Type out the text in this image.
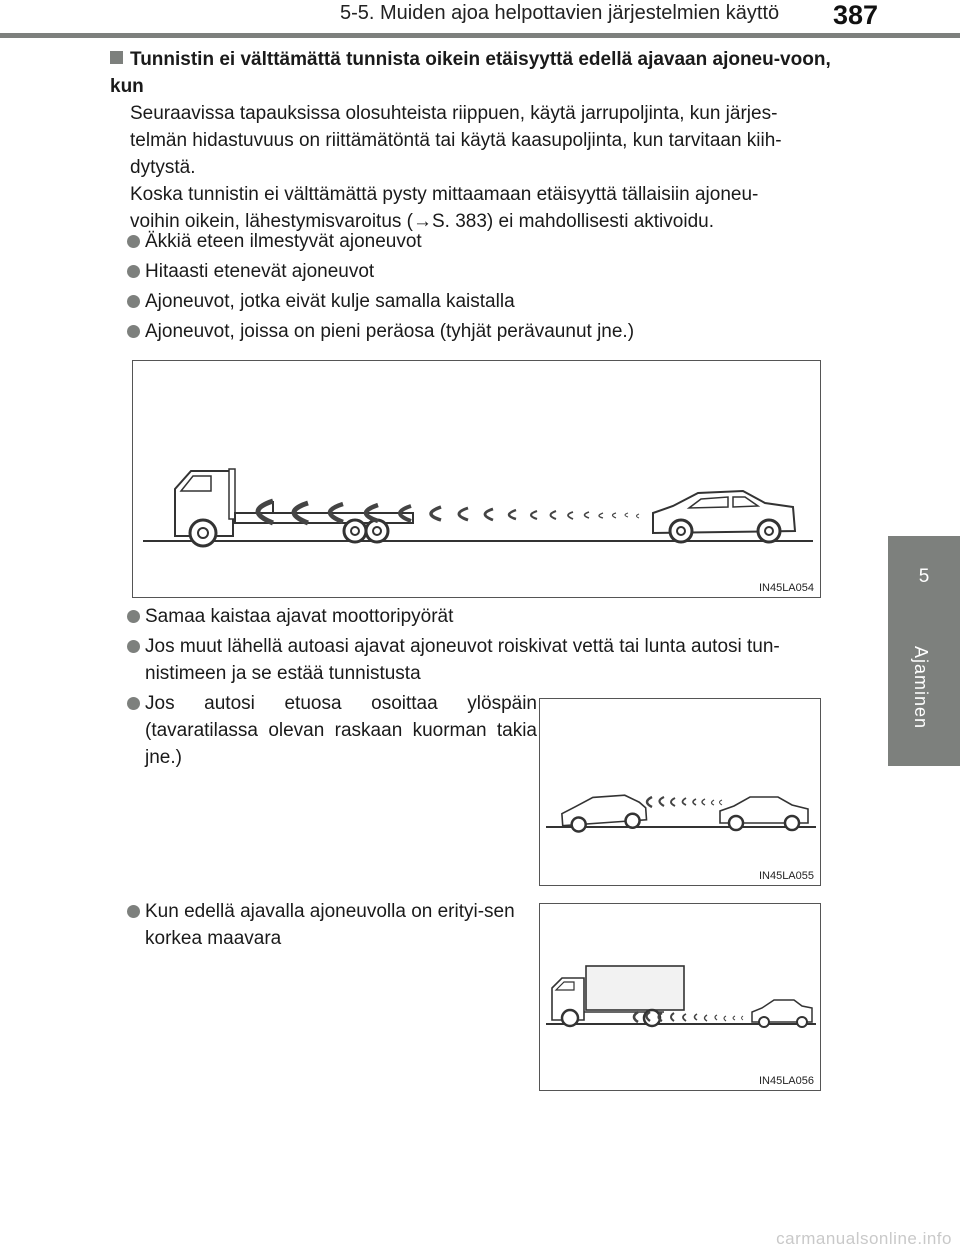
5-5. Muiden ajoa helpottavien järjestelmien käyttö 387
5
Ajaminen
Tunnistin ei välttämättä tunnista oikein etäisyyttä edellä ajavaan ajoneu-voon, kun
Seuraavissa tapauksissa olosuhteista riippuen, käytä jarrupoljinta, kun järjes-
telmän hidastuvuus on riittämätöntä tai käytä kaasupoljinta, kun tarvitaan kiih-
dytystä.
Koska tunnistin ei välttämättä pysty mittaamaan etäisyyttä tällaisiin ajoneu-
voihin oikein, lähestymisvaroitus (→S. 383) ei mahdollisesti aktivoidu.
Äkkiä eteen ilmestyvät ajoneuvot
Hitaasti etenevät ajoneuvot
Ajoneuvot, jotka eivät kulje samalla kaistalla
Ajoneuvot, joissa on pieni peräosa (tyhjät perävaunut jne.)
IN45LA054
Samaa kaistaa ajavat moottoripyörät
Jos muut lähellä autoasi ajavat ajoneuvot roiskivat vettä tai lunta autosi tun-nistimeen ja se estää tunnistusta
Jos autosi etuosa osoittaa ylöspäin (tavaratilassa olevan raskaan kuorman takia jne.)
IN45LA055
Kun edellä ajavalla ajoneuvolla on erityi-sen korkea maavara
IN45LA056
carmanualsonline.info
